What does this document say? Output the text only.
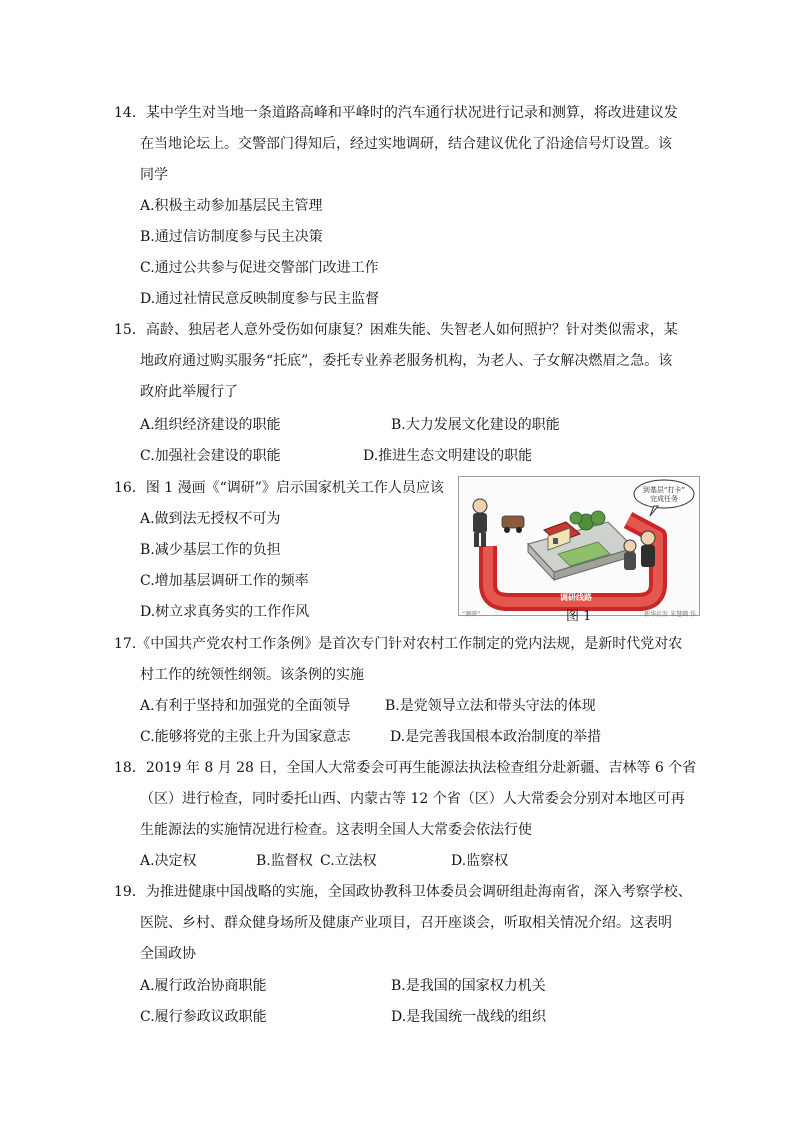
14．某中学生对当地一条道路高峰和平峰时的汽车通行状况进行记录和测算，将改进建议发
在当地论坛上。交警部门得知后，经过实地调研，结合建议优化了沿途信号灯设置。该
同学
A.积极主动参加基层民主管理
B.通过信访制度参与民主决策
C.通过公共参与促进交警部门改进工作
D.通过社情民意反映制度参与民主监督
15．高龄、独居老人意外受伤如何康复？困难失能、失智老人如何照护？针对类似需求，某
地政府通过购买服务“托底”，委托专业养老服务机构，为老人、子女解决燃眉之急。该
政府此举履行了
A.组织经济建设的职能	B.大力发展文化建设的职能
C.加强社会建设的职能	D.推进生态文明建设的职能
16．图 1 漫画《“调研”》启示国家机关工作人员应该
A.做到法无授权不可为
B.减少基层工作的负担
C.增加基层调研工作的频率
D.树立求真务实的工作作风
到基层“打卡”
完成任务
调研线路
“调研”	新华社发 朱慧卿 作
图 1
17.《中国共产党农村工作条例》是首次专门针对农村工作制定的党内法规，是新时代党对农
村工作的统领性纲领。该条例的实施
A.有利于坚持和加强党的全面领导 B.是党领导立法和带头守法的体现
C.能够将党的主张上升为国家意志	D.是完善我国根本政治制度的举措
18．2019 年 8 月 28 日，全国人大常委会可再生能源法执法检查组分赴新疆、吉林等 6 个省
（区）进行检查，同时委托山西、内蒙古等 12 个省（区）人大常委会分别对本地区可再
生能源法的实施情况进行检查。这表明全国人大常委会依法行使
A.决定权	B.监督权 C.立法权	D.监察权
19．为推进健康中国战略的实施，全国政协教科卫体委员会调研组赴海南省，深入考察学校、
医院、乡村、群众健身场所及健康产业项目，召开座谈会，听取相关情况介绍。这表明
全国政协
A.履行政治协商职能	B.是我国的国家权力机关
C.履行参政议政职能	D.是我国统一战线的组织
